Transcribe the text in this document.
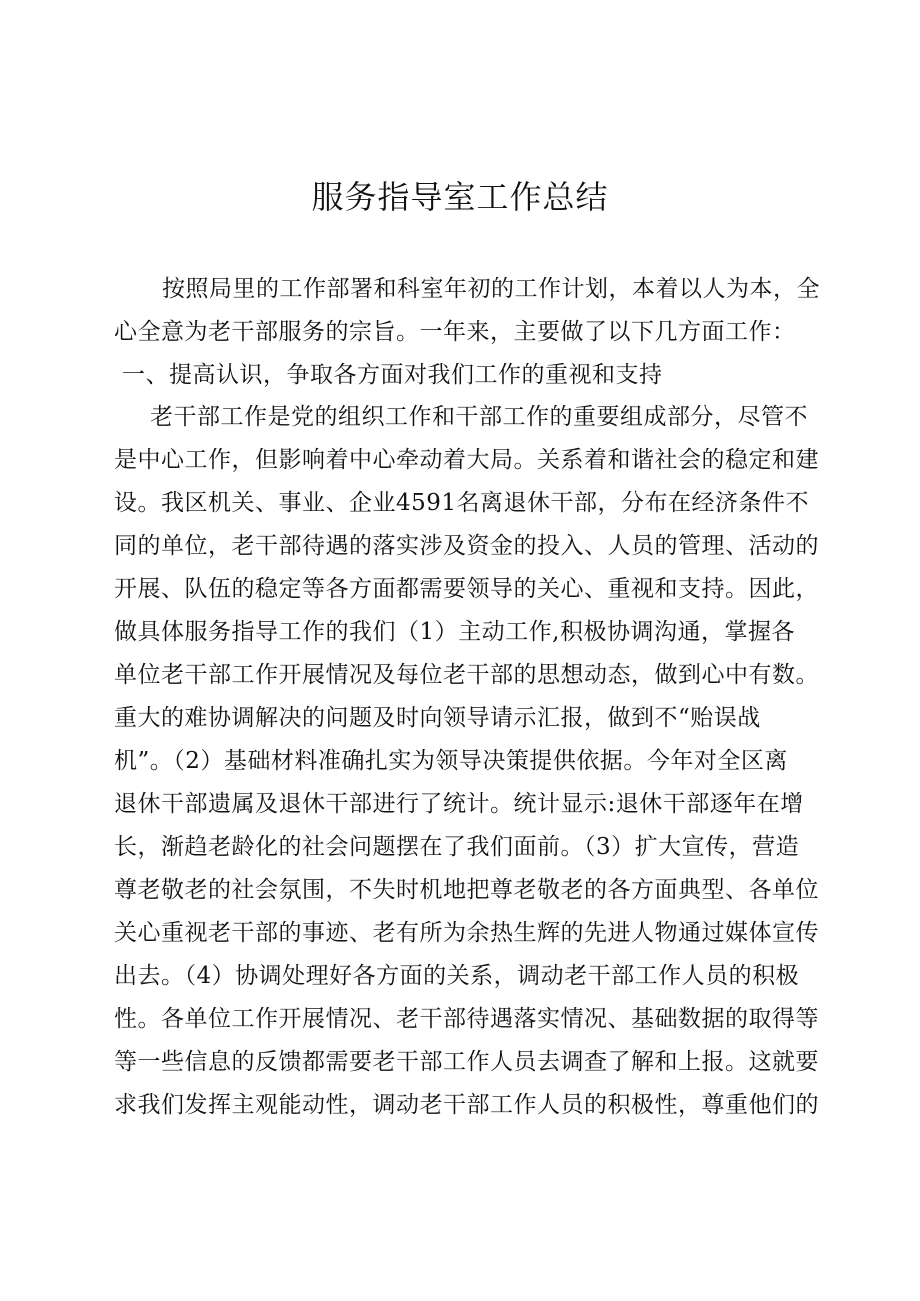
服务指导室工作总结
按照局里的工作部署和科室年初的工作计划，本着以人为本，全
心全意为老干部服务的宗旨。一年来，主要做了以下几方面工作：
一、提高认识，争取各方面对我们工作的重视和支持
老干部工作是党的组织工作和干部工作的重要组成部分，尽管不
是中心工作，但影响着中心牵动着大局。关系着和谐社会的稳定和建
设。我区机关、事业、企业4591名离退休干部，分布在经济条件不
同的单位，老干部待遇的落实涉及资金的投入、人员的管理、活动的
开展、队伍的稳定等各方面都需要领导的关心、重视和支持。因此，
做具体服务指导工作的我们（1）主动工作,积极协调沟通，掌握各
单位老干部工作开展情况及每位老干部的思想动态，做到心中有数。
重大的难协调解决的问题及时向领导请示汇报，做到不“贻误战
机”。（2）基础材料准确扎实为领导决策提供依据。今年对全区离
退休干部遗属及退休干部进行了统计。统计显示:退休干部逐年在增
长，渐趋老龄化的社会问题摆在了我们面前。（3）扩大宣传，营造
尊老敬老的社会氛围，不失时机地把尊老敬老的各方面典型、各单位
关心重视老干部的事迹、老有所为余热生辉的先进人物通过媒体宣传
出去。（4）协调处理好各方面的关系，调动老干部工作人员的积极
性。各单位工作开展情况、老干部待遇落实情况、基础数据的取得等
等一些信息的反馈都需要老干部工作人员去调查了解和上报。这就要
求我们发挥主观能动性，调动老干部工作人员的积极性，尊重他们的
